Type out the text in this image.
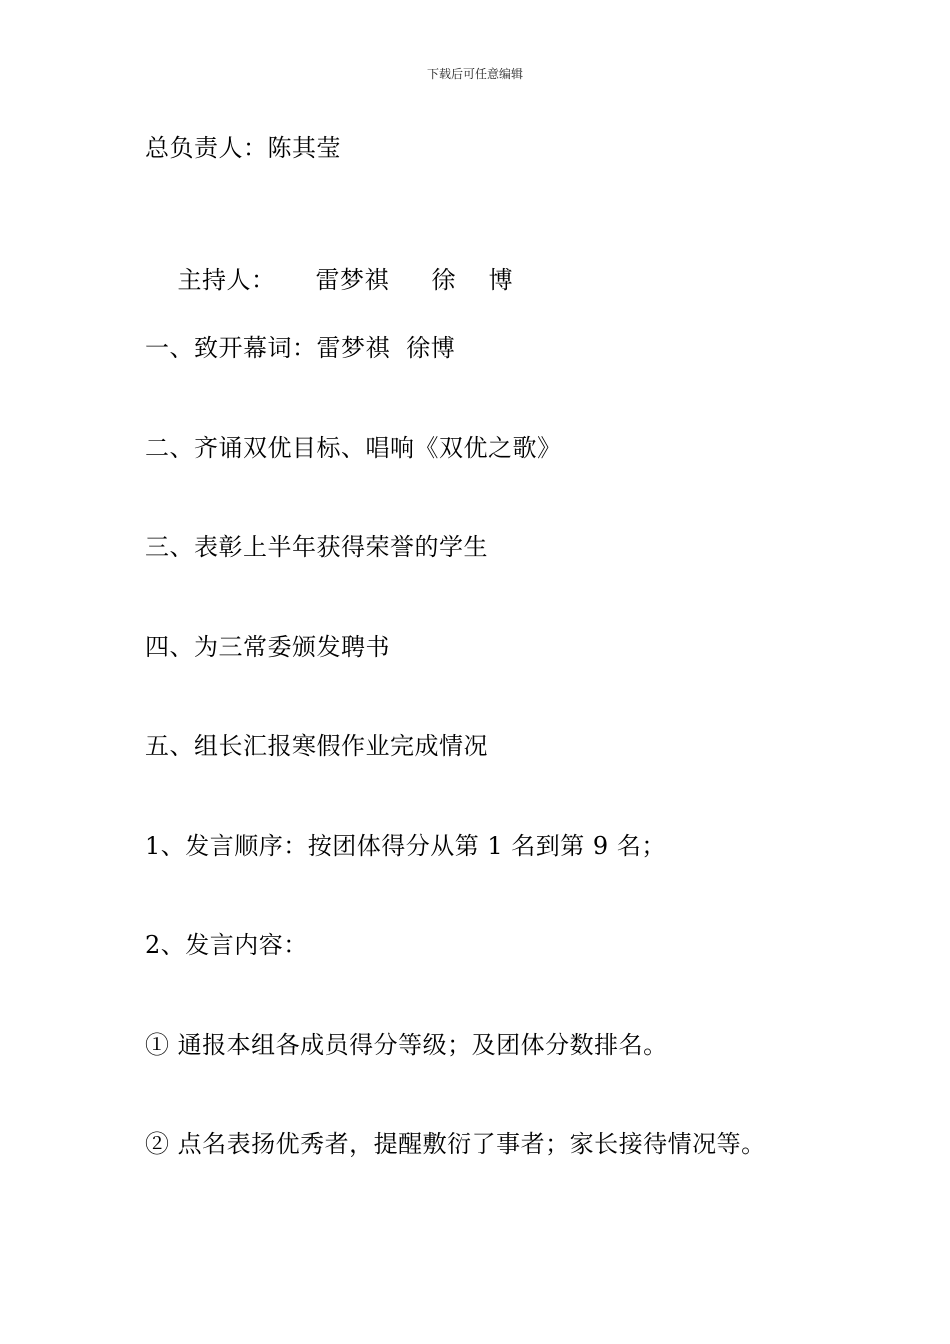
下载后可任意编辑
总负责人：陈其莹

主持人： 雷梦祺 徐　 博

一、致开幕词：雷梦祺  徐博
二、齐诵双优目标、唱响《双优之歌》
三、表彰上半年获得荣誉的学生
四、为三常委颁发聘书
五、组长汇报寒假作业完成情况
1、发言顺序：按团体得分从第 1 名到第 9 名；
2、发言内容：
① 通报本组各成员得分等级；及团体分数排名。
② 点名表扬优秀者，提醒敷衍了事者；家长接待情况等。
